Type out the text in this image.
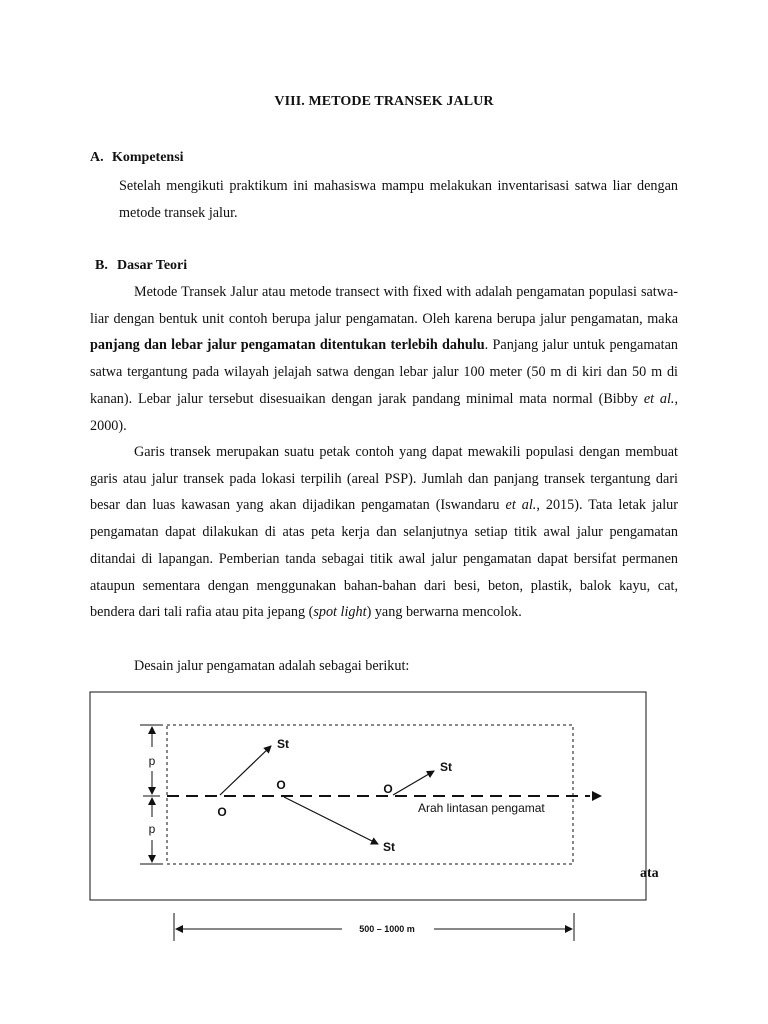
VIII. METODE TRANSEK JALUR
A. Kompetensi
Setelah mengikuti praktikum ini mahasiswa mampu melakukan inventarisasi satwa liar dengan metode transek jalur.
B. Dasar Teori
Metode Transek Jalur atau metode transect with fixed with adalah pengamatan populasi satwa-liar dengan bentuk unit contoh berupa jalur pengamatan. Oleh karena berupa jalur pengamatan, maka panjang dan lebar jalur pengamatan ditentukan terlebih dahulu. Panjang jalur untuk pengamatan satwa tergantung pada wilayah jelajah satwa dengan lebar jalur 100 meter (50 m di kiri dan 50 m di kanan). Lebar jalur tersebut disesuaikan dengan jarak pandang minimal mata normal (Bibby et al., 2000).
Garis transek merupakan suatu petak contoh yang dapat mewakili populasi dengan membuat garis atau jalur transek pada lokasi terpilih (areal PSP). Jumlah dan panjang transek tergantung dari besar dan luas kawasan yang akan dijadikan pengamatan (Iswandaru et al., 2015). Tata letak jalur pengamatan dapat dilakukan di atas peta kerja dan selanjutnya setiap titik awal jalur pengamatan ditandai di lapangan. Pemberian tanda sebagai titik awal jalur pengamatan dapat bersifat permanen ataupun sementara dengan menggunakan bahan-bahan dari besi, beton, plastik, balok kayu, cat, bendera dari tali rafia atau pita jepang (spot light) yang berwarna mencolok.
Desain jalur pengamatan adalah sebagai berikut:
p
p
St
St
St
O
O	O
Arah lintasan pengamat
ata
500 – 1000 m
